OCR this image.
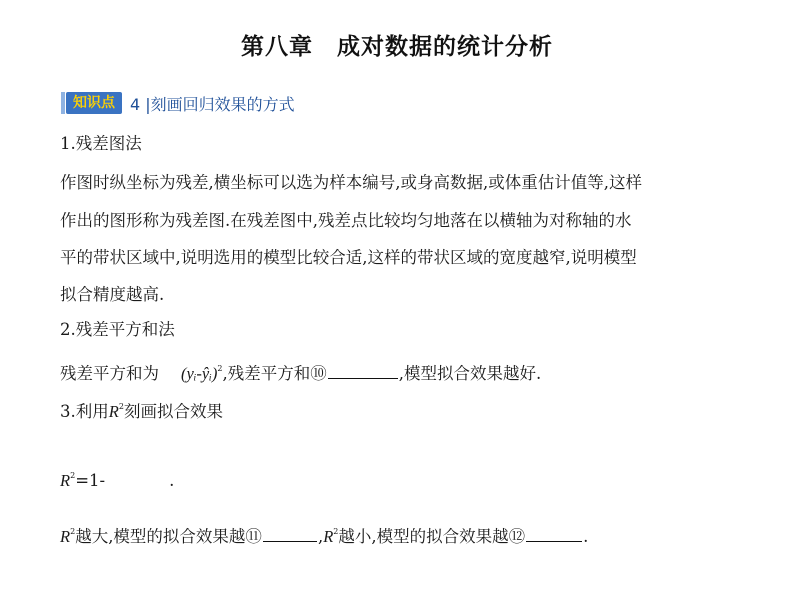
第八章　成对数据的统计分析
知识点 4 |刻画回归效果的方式
1.残差图法
作图时纵坐标为残差,横坐标可以选为样本编号,或身高数据,或体重估计值等,这样
作出的图形称为残差图.在残差图中,残差点比较均匀地落在以横轴为对称轴的水
平的带状区域中,说明选用的模型比较合适,这样的带状区域的宽度越窄,说明模型
拟合精度越高.
2.残差平方和法
残差平方和为 (yᵢ-ŷᵢ)$^2$,残差平方和⑩	,模型拟合效果越好.
3.利用$R^2$刻画拟合效果
$R^2=1-$	.
$R^2$越大,模型的拟合效果越⑪	$,R^2$越小,模型的拟合效果越⑫	.
